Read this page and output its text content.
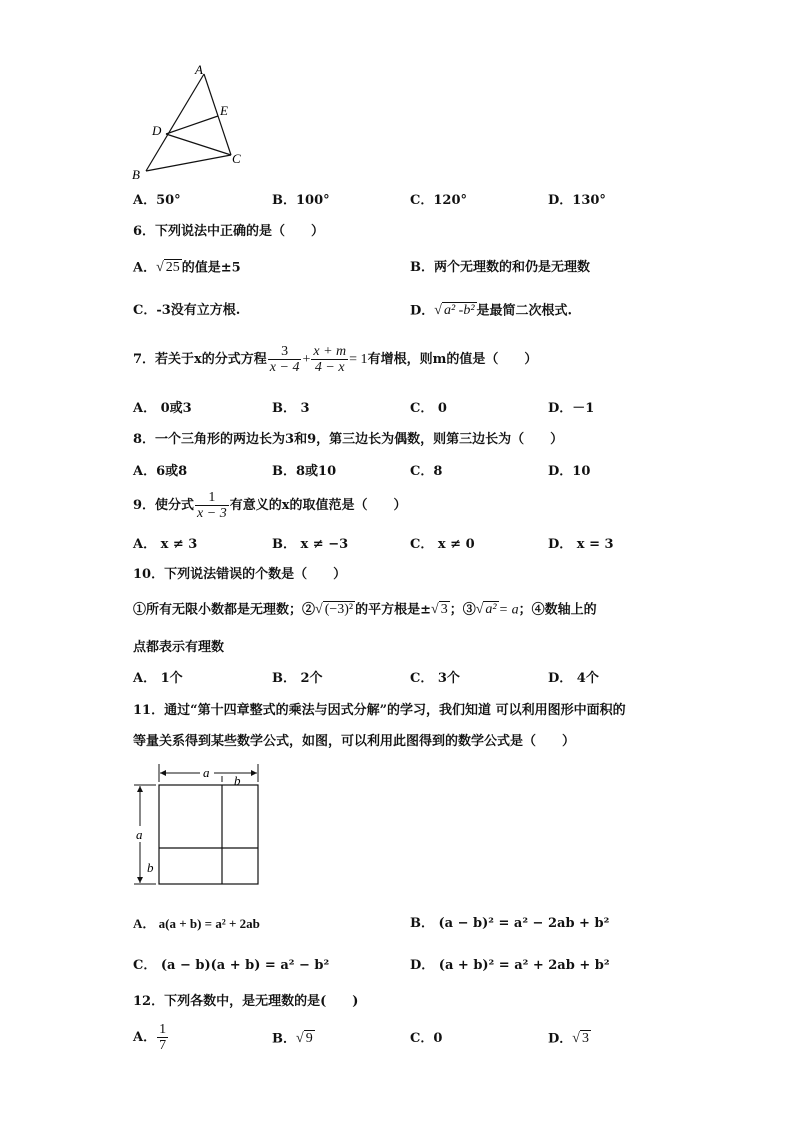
A
E
D
C
B
A．50°	B．100°	C．120°	D．130°
6．下列说法中正确的是（　　）
A．√ 25 的值是±5	B．两个无理数的和仍是无理数
C．-3没有立方根.	D．√ a² -b² 是最简二次根式.
7．若关于x的分式方程 $\frac{3}{x - 4} + \frac{x + m}{4 - x} = 1$有增根，则m的值是（　　）
A． 0或3	B． 3	C． 0	D．－1
8．一个三角形的两边长为3和9，第三边长为偶数，则第三边长为（　　）
A．6或8	B．8或10	C．8	D．10
9．使分式 $\frac{1}{x - 3}$ 有意义的x的取值范是（　　）
A． x ≠ 3	B． x ≠ −3	C． x ≠ 0	D． x = 3
10．下列说法错误的个数是（　　）
①所有无限小数都是无理数；②√ (−3)² 的平方根是±√ 3 ；③√ a² = a；④数轴上的
点都表示有理数
A． 1个	B． 2个	C． 3个	D． 4个
11．通过“第十四章整式的乘法与因式分解”的学习，我们知道 可以利用图形中面积的
等量关系得到某些数学公式，如图，可以利用此图得到的数学公式是（　　）
a
b
a
b
A． a(a + b) = a² + 2ab	B． (a − b)² = a² − 2ab + b²
C． (a − b)(a + b) = a² − b²	D． (a + b)² = a² + 2ab + b²
12．下列各数中，是无理数的是(　　)
A． $\frac{1}{7}$	B．√ 9	C．0	D．√ 3
